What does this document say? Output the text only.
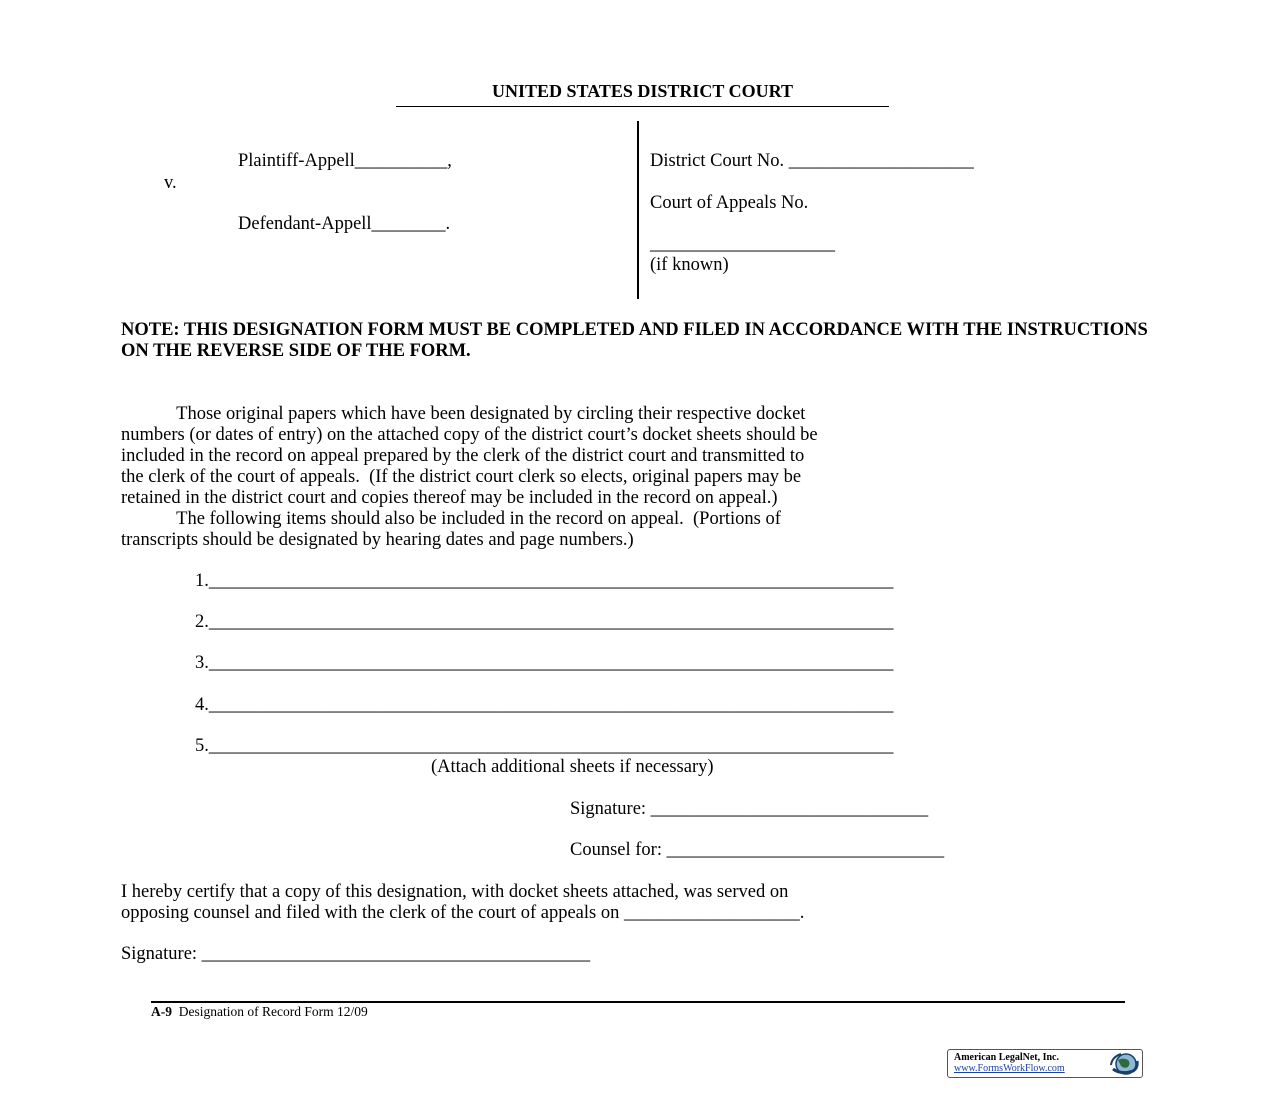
UNITED STATES DISTRICT COURT
Plaintiff-Appell__________,
v.
Defendant-Appell________.
District Court No. ____________________
Court of Appeals No.
____________________
(if known)
NOTE: THIS DESIGNATION FORM MUST BE COMPLETED AND FILED IN ACCORDANCE WITH THE INSTRUCTIONS ON THE REVERSE SIDE OF THE FORM.
Those original papers which have been designated by circling their respective docket
numbers (or dates of entry) on the attached copy of the district court’s docket sheets should be
included in the record on appeal prepared by the clerk of the district court and transmitted to
the clerk of the court of appeals.  (If the district court clerk so elects, original papers may be
retained in the district court and copies thereof may be included in the record on appeal.)
The following items should also be included in the record on appeal.  (Portions of
transcripts should be designated by hearing dates and page numbers.)
1.__________________________________________________________________________
2.__________________________________________________________________________
3.__________________________________________________________________________
4.__________________________________________________________________________
5.__________________________________________________________________________
(Attach additional sheets if necessary)
Signature: ______________________________
Counsel for: ______________________________
I hereby certify that a copy of this designation, with docket sheets attached, was served on
opposing counsel and filed with the clerk of the court of appeals on ___________________.
Signature: __________________________________________
A-9  Designation of Record Form 12/09
American LegalNet, Inc.
www.FormsWorkFlow.com
